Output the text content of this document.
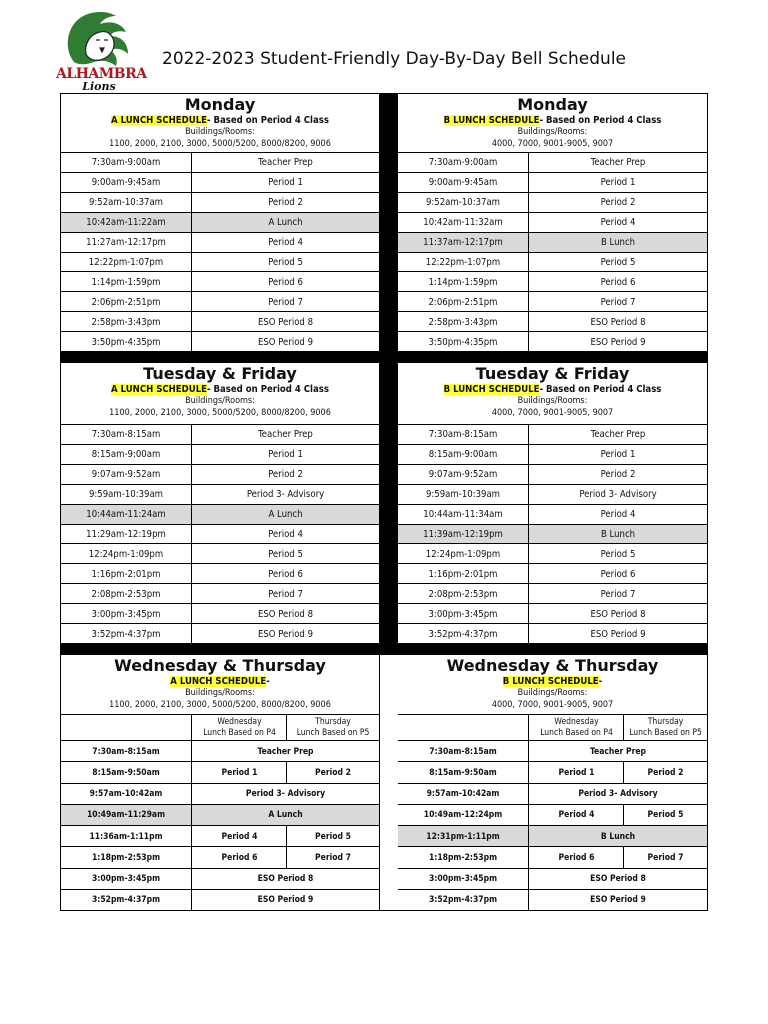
ALHAMBRA
Lions
2022-2023 Student-Friendly Day-By-Day Bell Schedule
Monday
A LUNCH SCHEDULE- Based on Period 4 Class
Buildings/Rooms:
1100, 2000, 2100, 3000, 5000/5200, 8000/8200, 9006
7:30am-9:00am	Teacher Prep
9:00am-9:45am	Period 1
9:52am-10:37am	Period 2
10:42am-11:22am	A Lunch
11:27am-12:17pm	Period 4
12:22pm-1:07pm	Period 5
1:14pm-1:59pm	Period 6
2:06pm-2:51pm	Period 7
2:58pm-3:43pm	ESO Period 8
3:50pm-4:35pm	ESO Period 9
Monday
B LUNCH SCHEDULE- Based on Period 4 Class
Buildings/Rooms:
4000, 7000, 9001-9005, 9007
7:30am-9:00am	Teacher Prep
9:00am-9:45am	Period 1
9:52am-10:37am	Period 2
10:42am-11:32am	Period 4
11:37am-12:17pm	B Lunch
12:22pm-1:07pm	Period 5
1:14pm-1:59pm	Period 6
2:06pm-2:51pm	Period 7
2:58pm-3:43pm	ESO Period 8
3:50pm-4:35pm	ESO Period 9
Tuesday & Friday
A LUNCH SCHEDULE- Based on Period 4 Class
Buildings/Rooms:
1100, 2000, 2100, 3000, 5000/5200, 8000/8200, 9006
7:30am-8:15am	Teacher Prep
8:15am-9:00am	Period 1
9:07am-9:52am	Period 2
9:59am-10:39am	Period 3- Advisory
10:44am-11:24am	A Lunch
11:29am-12:19pm	Period 4
12:24pm-1:09pm	Period 5
1:16pm-2:01pm	Period 6
2:08pm-2:53pm	Period 7
3:00pm-3:45pm	ESO Period 8
3:52pm-4:37pm	ESO Period 9
Tuesday & Friday
B LUNCH SCHEDULE- Based on Period 4 Class
Buildings/Rooms:
4000, 7000, 9001-9005, 9007
7:30am-8:15am	Teacher Prep
8:15am-9:00am	Period 1
9:07am-9:52am	Period 2
9:59am-10:39am	Period 3- Advisory
10:44am-11:34am	Period 4
11:39am-12:19pm	B Lunch
12:24pm-1:09pm	Period 5
1:16pm-2:01pm	Period 6
2:08pm-2:53pm	Period 7
3:00pm-3:45pm	ESO Period 8
3:52pm-4:37pm	ESO Period 9
Wednesday & Thursday
A LUNCH SCHEDULE-
Buildings/Rooms:
1100, 2000, 2100, 3000, 5000/5200, 8000/8200, 9006
Wednesday
Lunch Based on P4
Thursday
Lunch Based on P5
7:30am-8:15am	Teacher Prep
8:15am-9:50am	Period 1	Period 2
9:57am-10:42am	Period 3- Advisory
10:49am-11:29am	A Lunch
11:36am-1:11pm	Period 4	Period 5
1:18pm-2:53pm	Period 6	Period 7
3:00pm-3:45pm	ESO Period 8
3:52pm-4:37pm	ESO Period 9
Wednesday & Thursday
B LUNCH SCHEDULE-
Buildings/Rooms:
4000, 7000, 9001-9005, 9007
Wednesday
Lunch Based on P4
Thursday
Lunch Based on P5
7:30am-8:15am	Teacher Prep
8:15am-9:50am	Period 1	Period 2
9:57am-10:42am	Period 3- Advisory
10:49am-12:24pm	Period 4	Period 5
12:31pm-1:11pm	B Lunch
1:18pm-2:53pm	Period 6	Period 7
3:00pm-3:45pm	ESO Period 8
3:52pm-4:37pm	ESO Period 9
